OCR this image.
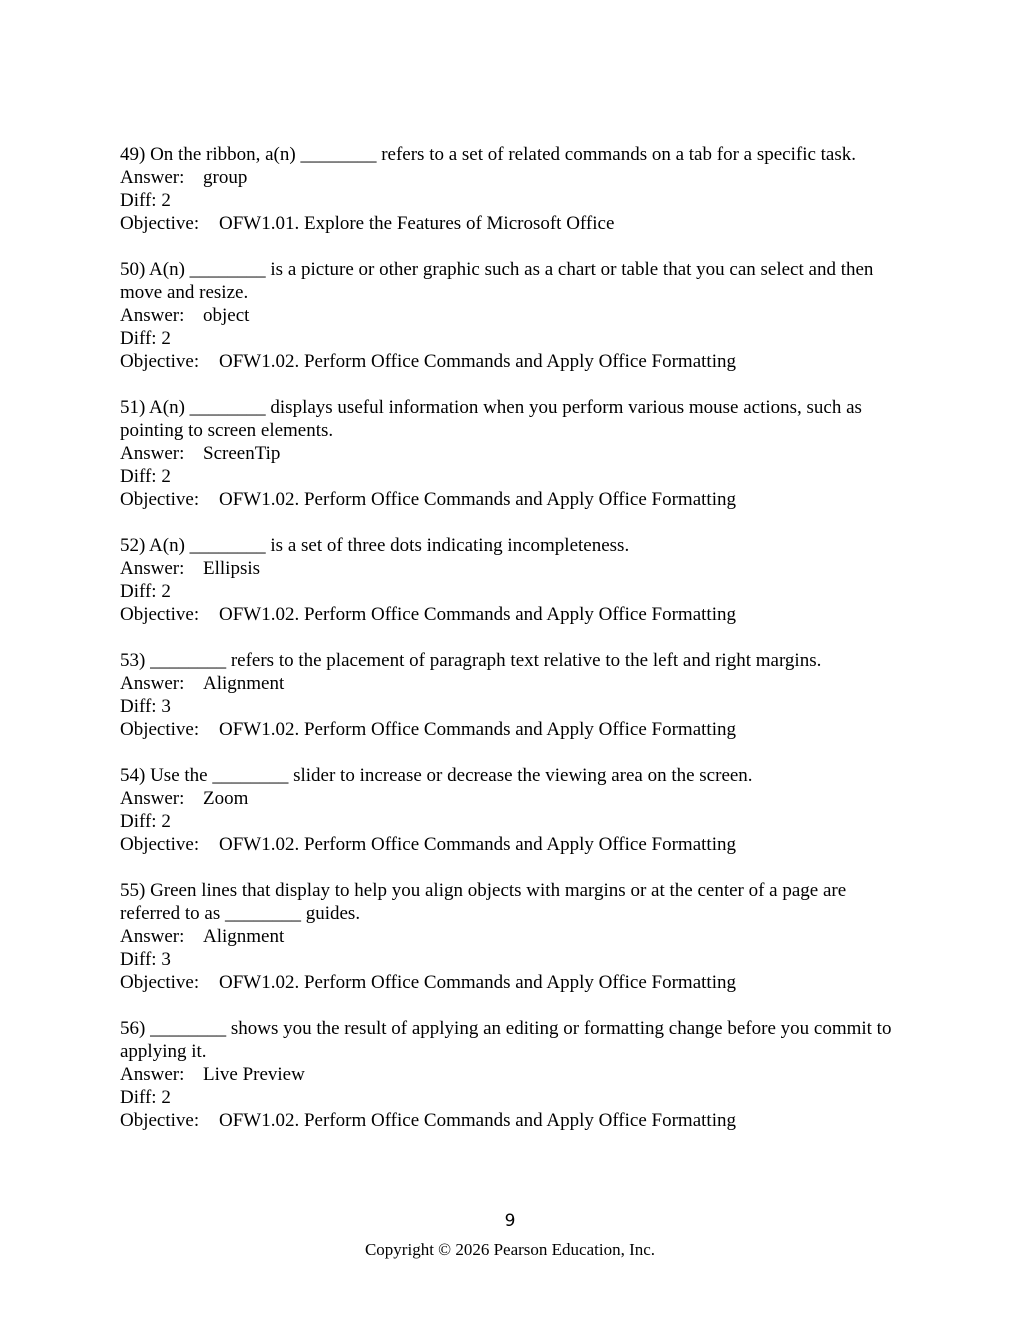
49) On the ribbon, a(n) ________ refers to a set of related commands on a tab for a specific task.
Answer: group
Diff: 2
Objective: OFW1.01. Explore the Features of Microsoft Office
50) A(n) ________ is a picture or other graphic such as a chart or table that you can select and then move and resize.
Answer: object
Diff: 2
Objective: OFW1.02. Perform Office Commands and Apply Office Formatting
51) A(n) ________ displays useful information when you perform various mouse actions, such as pointing to screen elements.
Answer: ScreenTip
Diff: 2
Objective: OFW1.02. Perform Office Commands and Apply Office Formatting
52) A(n) ________ is a set of three dots indicating incompleteness.
Answer: Ellipsis
Diff: 2
Objective: OFW1.02. Perform Office Commands and Apply Office Formatting
53) ________ refers to the placement of paragraph text relative to the left and right margins.
Answer: Alignment
Diff: 3
Objective: OFW1.02. Perform Office Commands and Apply Office Formatting
54) Use the ________ slider to increase or decrease the viewing area on the screen.
Answer: Zoom
Diff: 2
Objective: OFW1.02. Perform Office Commands and Apply Office Formatting
55) Green lines that display to help you align objects with margins or at the center of a page are referred to as ________ guides.
Answer: Alignment
Diff: 3
Objective: OFW1.02. Perform Office Commands and Apply Office Formatting
56) ________ shows you the result of applying an editing or formatting change before you commit to applying it.
Answer: Live Preview
Diff: 2
Objective: OFW1.02. Perform Office Commands and Apply Office Formatting
9
Copyright © 2026 Pearson Education, Inc.
